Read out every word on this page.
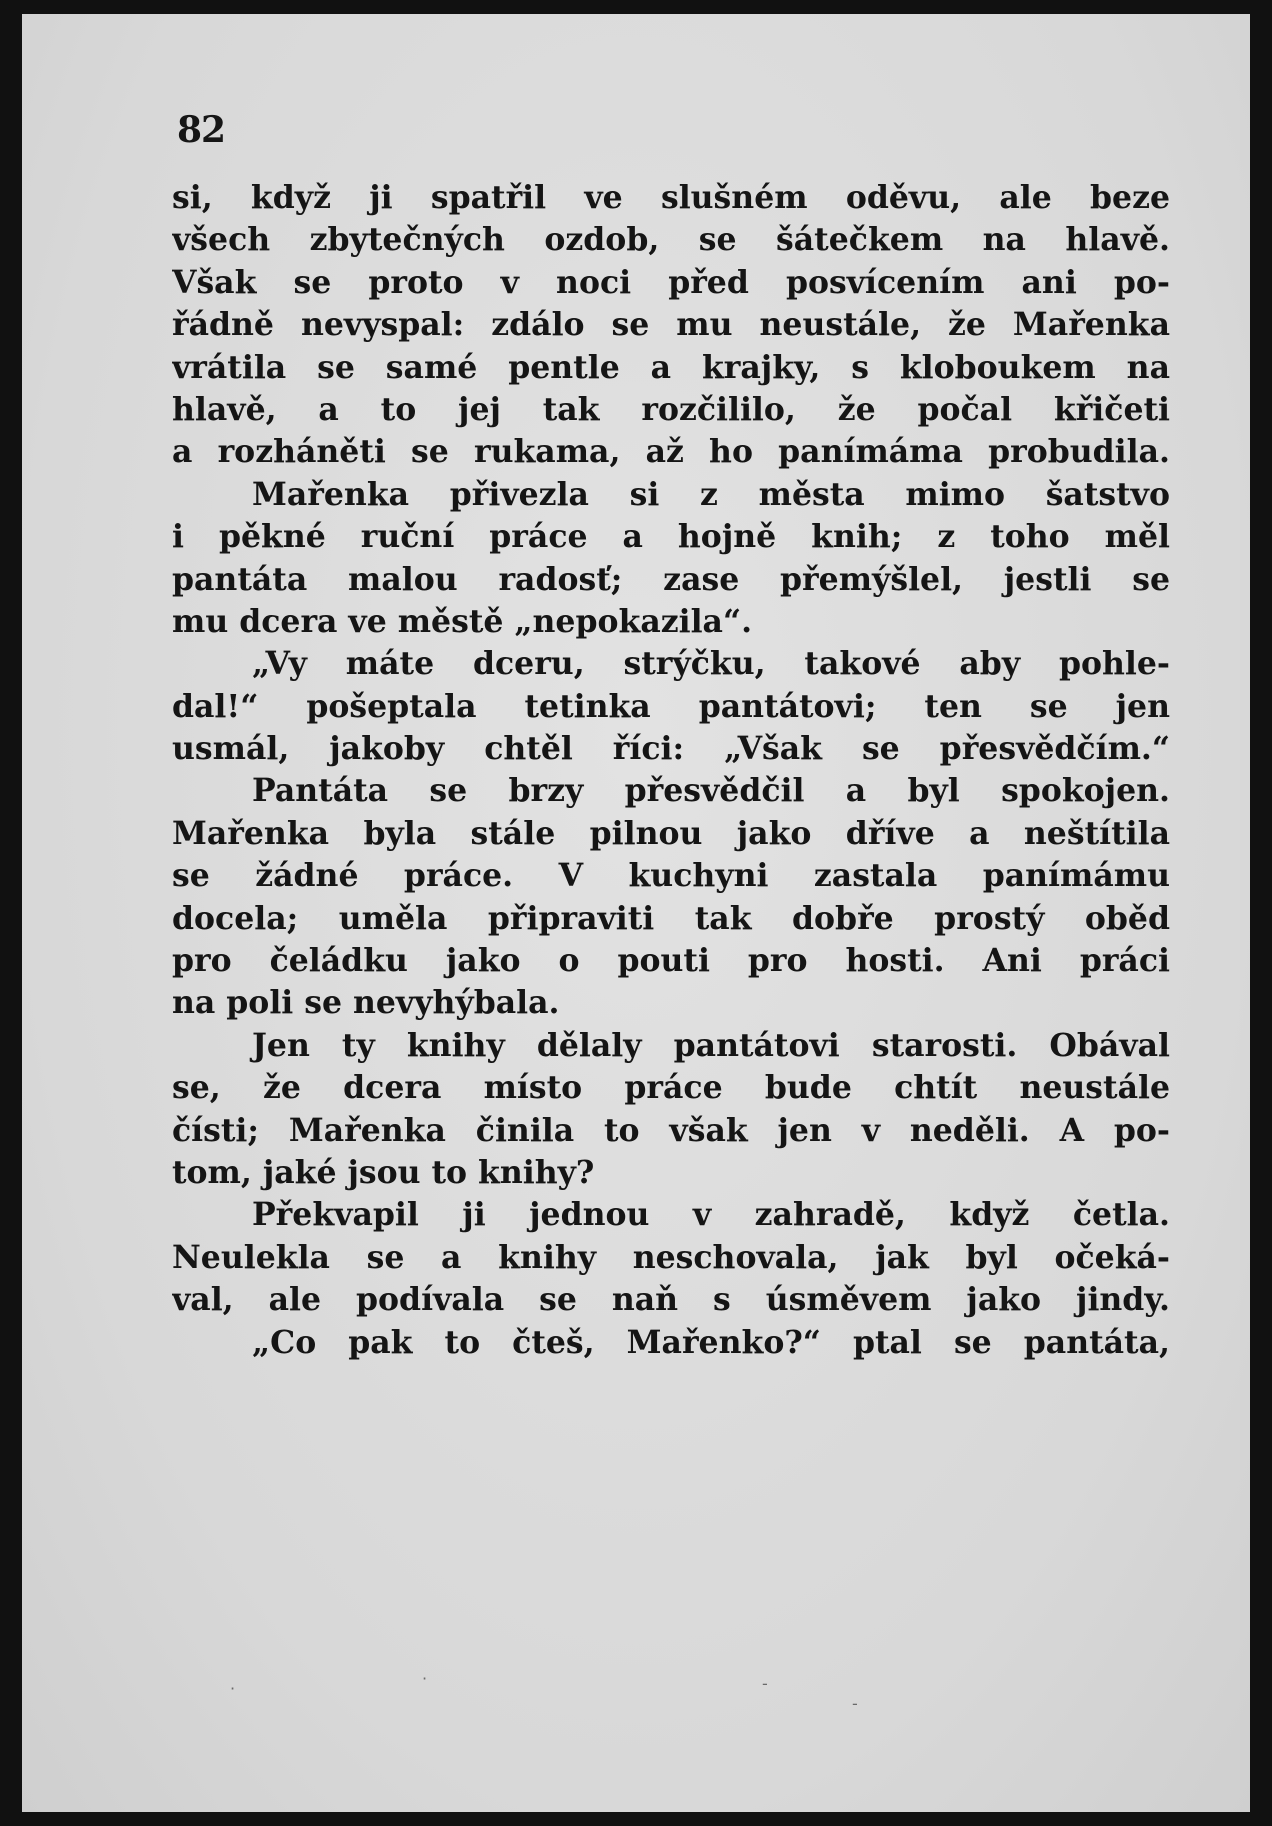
82
si, když ji spatřil ve slušném oděvu, ale beze
všech zbytečných ozdob, se šátečkem na hlavě.
Však se proto v noci před posvícením ani po-
řádně nevyspal: zdálo se mu neustále, že Mařenka
vrátila se samé pentle a krajky, s kloboukem na
hlavě, a to jej tak rozčililo, že počal křičeti
a rozháněti se rukama, až ho panímáma probudila.
Mařenka přivezla si z města mimo šatstvo
i pěkné ruční práce a hojně knih; z toho měl
pantáta malou radosť; zase přemýšlel, jestli se
mu dcera ve městě „nepokazila“.
„Vy máte dceru, strýčku, takové aby pohle-
dal!“ pošeptala tetinka pantátovi; ten se jen
usmál, jakoby chtěl říci: „Však se přesvědčím.“
Pantáta se brzy přesvědčil a byl spokojen.
Mařenka byla stále pilnou jako dříve a neštítila
se žádné práce. V kuchyni zastala panímámu
docela; uměla připraviti tak dobře prostý oběd
pro čeládku jako o pouti pro hosti. Ani práci
na poli se nevyhýbala.
Jen ty knihy dělaly pantátovi starosti. Obával
se, že dcera místo práce bude chtít neustále
čísti; Mařenka činila to však jen v neděli. A po-
tom, jaké jsou to knihy?
Překvapil ji jednou v zahradě, když četla.
Neulekla se a knihy neschovala, jak byl očeká-
val, ale podívala se naň s úsměvem jako jindy.
„Co pak to čteš, Mařenko?“ ptal se pantáta,
·
·	-
‐
